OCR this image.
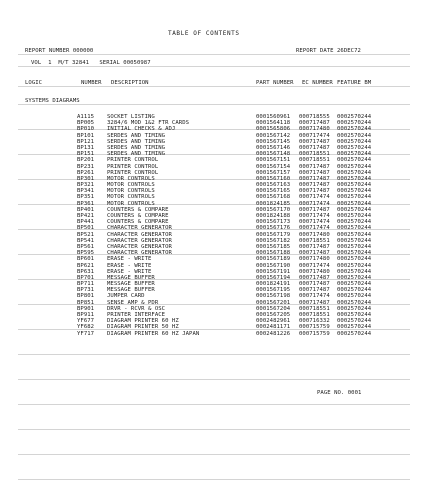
TABLE OF CONTENTS
REPORT NUMBER 000000	REPORT DATE 26DEC72
VOL  1  M/T 32841   SERIAL 00050987
LOGIC	NUMBER DESCRIPTION	PART NUMBER EC NUMBER FEATURE BM
SYSTEMS DIAGRAMS
A1115 SOCKET LISTING	0001560961 000718555 0002570244
BP005 3284/6 MOD 1&2 FTR CARDS	0001564118 000717487 0002570244
BP010 INITIAL CHECKS & ADJ	0001565806 000717480 0002570244
BP101 SERDES AND TIMING	0001567142 000717474 0002570244
BP121 SERDES AND TIMING	0001567145 000717487 0002570244
BP131 SERDES AND TIMING	0001567146 000717487 0002570244
BP151 SERDES AND TIMING	0001567148 000718551 0002570244
BP201 PRINTER CONTROL	0001567151 000718551 0002570244
BP231 PRINTER CONTROL	0001567154 000717487 0002570244
BP261 PRINTER CONTROL	0001567157 000717487 0002570244
BP301 MOTOR CONTROLS	0001567160 000717487 0002570244
BP321 MOTOR CONTROLS	0001567163 000717487 0002570244
BP341 MOTOR CONTROLS	0001567165 000717487 0002570244
BP351 MOTOR CONTROLS	0001567168 000717474 0002570244
BP361 MOTOR CONTROLS	0001824185 000717474 0002570244
BP401 COUNTERS & COMPARE	0001567170 000717487 0002570244
BP421 COUNTERS & COMPARE	0001824188 000717474 0002570244
BP441 COUNTERS & COMPARE	0001567173 000717474 0002570244
BP501 CHARACTER GENERATOR	0001567176 000717474 0002570244
BP521 CHARACTER GENERATOR	0001567179 000717480 0002570244
BP541 CHARACTER GENERATOR	0001567182 000718551 0002570244
BP561 CHARACTER GENERATOR	0001567185 000717487 0002570244
BP595 CHARACTER GENERATOR	0001567188 000717487 0002570244
BP601 ERASE - WRITE	0001567189 000717480 0002570244
BP621 ERASE - WRITE	0001567190 000717474 0002570244
BP631 ERASE - WRITE	0001567191 000717480 0002570244
BP701 MESSAGE BUFFER	0001567194 000717487 0002570244
BP711 MESSAGE BUFFER	0001824191 000717487 0002570244
BP731 MESSAGE BUFFER	0001567195 000717487 0002570244
BP801 JUMPER CARD	0001567198 000717474 0002570244
BP851 SENSE AMP & PDR	0001567201 000717487 0002570244
BP901 DRVR - RCVR & OSC	0001567204 000718551 0002570244
BP911 PRINTER INTERFACE	0001567205 000718551 0002570244
YF677 DIAGRAM PRINTER 60 HZ	0002482961 000716332 0002570244
YF682 DIAGRAM PRINTER 50 HZ	0002481171 000715759 0002570244
YF717 DIAGRAM PRINTER 60 HZ JAPAN	0002481226 000715759 0002570244
PAGE NO. 0001
